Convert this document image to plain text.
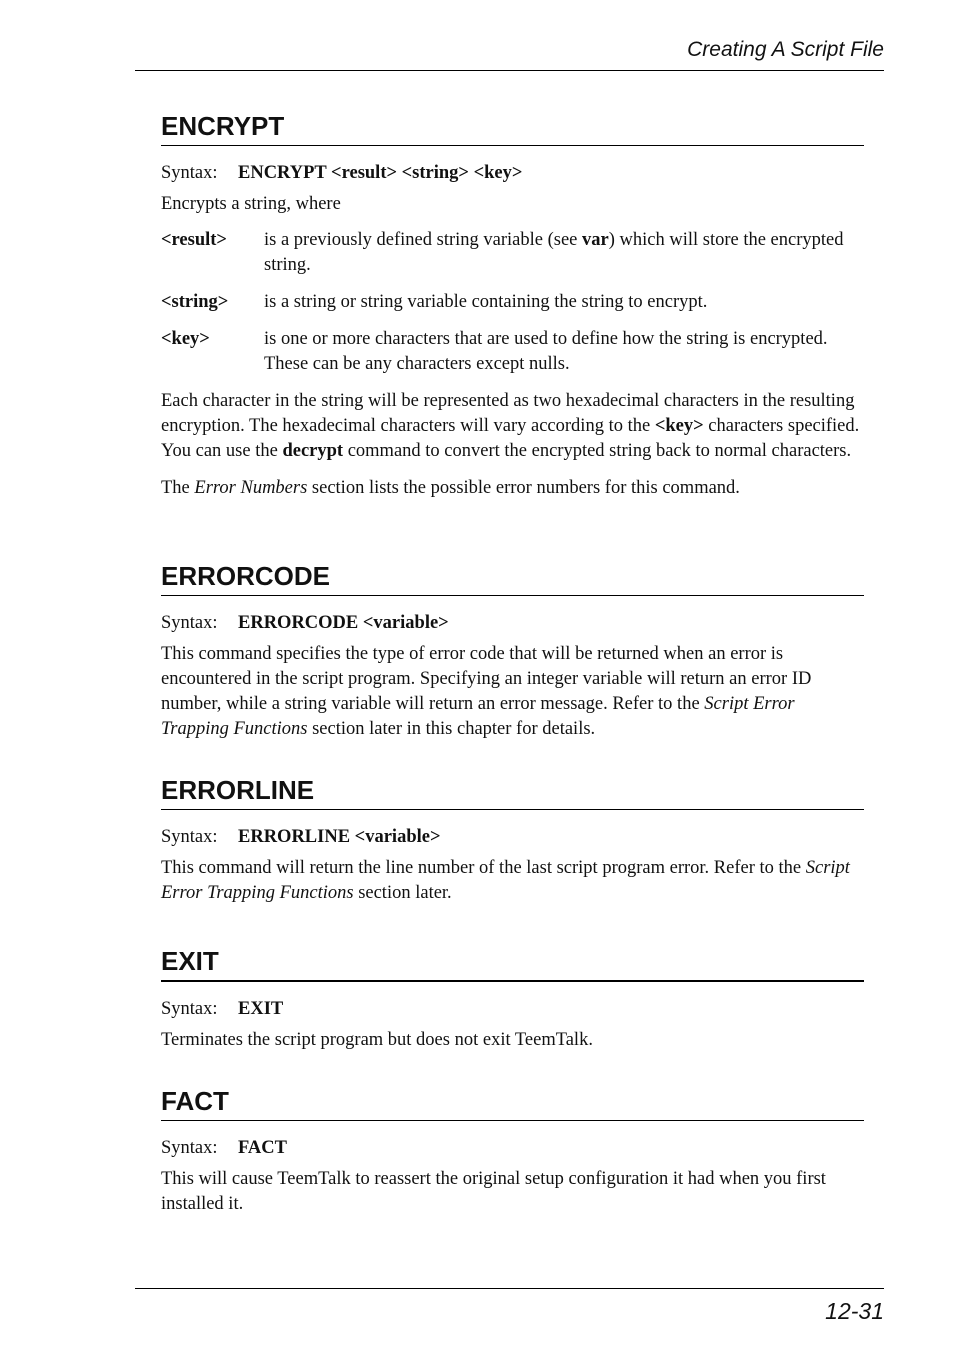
Creating A Script File
ENCRYPT
Syntax: ENCRYPT <result> <string> <key>

Encrypts a string, where

<result>	is a previously defined string variable (see var) which will store the encrypted string.
<string>	is a string or string variable containing the string to encrypt.
<key>	is one or more characters that are used to define how the string is encrypted. These can be any characters except nulls.

Each character in the string will be represented as two hexadecimal characters in the resulting encryption. The hexadecimal characters will vary according to the <key> characters specified. You can use the decrypt command to convert the encrypted string back to normal characters.

The Error Numbers section lists the possible error numbers for this command.

ERRORCODE
Syntax: ERRORCODE <variable>

This command specifies the type of error code that will be returned when an error is encountered in the script program. Specifying an integer variable will return an error ID number, while a string variable will return an error message. Refer to the Script Error Trapping Functions section later in this chapter for details.

ERRORLINE
Syntax: ERRORLINE <variable>

This command will return the line number of the last script program error. Refer to the Script Error Trapping Functions section later.

EXIT
Syntax: EXIT

Terminates the script program but does not exit TeemTalk.

FACT
Syntax: FACT

This will cause TeemTalk to reassert the original setup configuration it had when you first installed it.

12-31
